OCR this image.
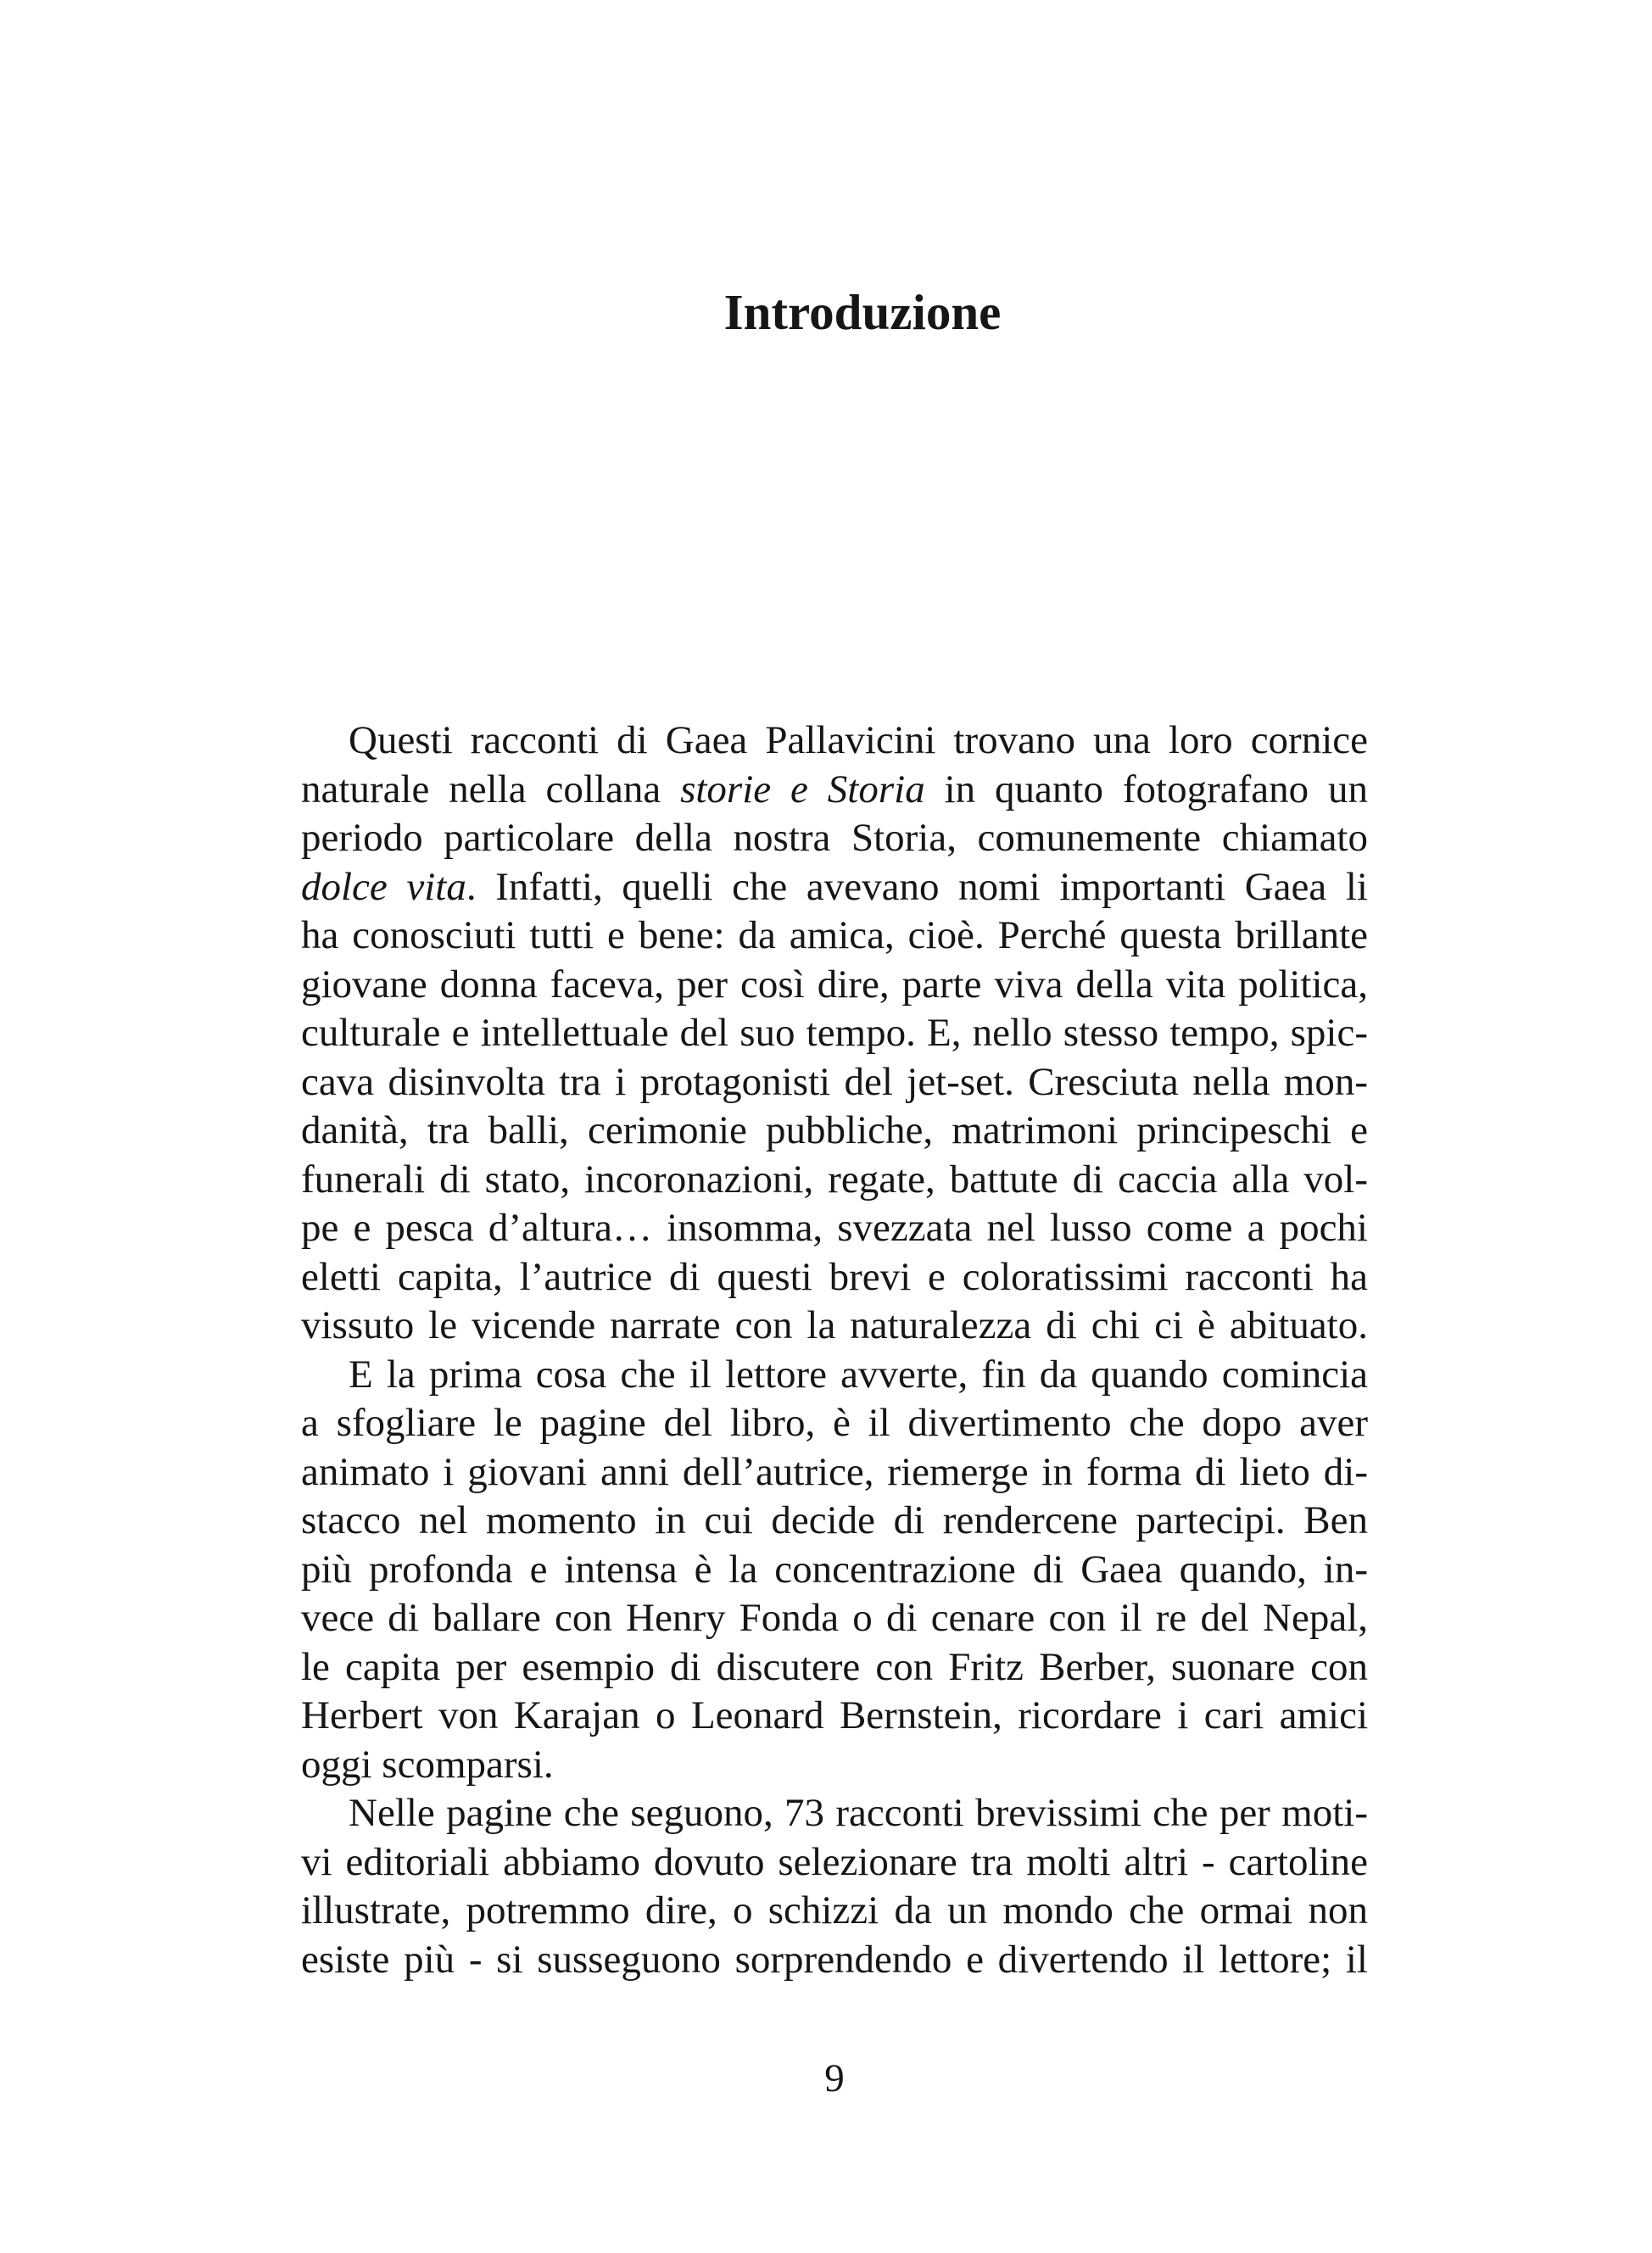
Introduzione

Questi racconti di Gaea Pallavicini trovano una loro cornice
naturale nella collana storie e Storia in quanto fotografano un
periodo particolare della nostra Storia, comunemente chiamato
dolce vita. Infatti, quelli che avevano nomi importanti Gaea li
ha conosciuti tutti e bene: da amica, cioè. Perché questa brillante
giovane donna faceva, per così dire, parte viva della vita politica,
culturale e intellettuale del suo tempo. E, nello stesso tempo, spic-
cava disinvolta tra i protagonisti del jet-set. Cresciuta nella mon-
danità, tra balli, cerimonie pubbliche, matrimoni principeschi e
funerali di stato, incoronazioni, regate, battute di caccia alla vol-
pe e pesca d’altura… insomma, svezzata nel lusso come a pochi
eletti capita, l’autrice di questi brevi e coloratissimi racconti ha
vissuto le vicende narrate con la naturalezza di chi ci è abituato.

E la prima cosa che il lettore avverte, fin da quando comincia
a sfogliare le pagine del libro, è il divertimento che dopo aver
animato i giovani anni dell’autrice, riemerge in forma di lieto di-
stacco nel momento in cui decide di rendercene partecipi. Ben
più profonda e intensa è la concentrazione di Gaea quando, in-
vece di ballare con Henry Fonda o di cenare con il re del Nepal,
le capita per esempio di discutere con Fritz Berber, suonare con
Herbert von Karajan o Leonard Bernstein, ricordare i cari amici
oggi scomparsi.

Nelle pagine che seguono, 73 racconti brevissimi che per moti-
vi editoriali abbiamo dovuto selezionare tra molti altri - cartoline
illustrate, potremmo dire, o schizzi da un mondo che ormai non
esiste più - si susseguono sorprendendo e divertendo il lettore; il

9
